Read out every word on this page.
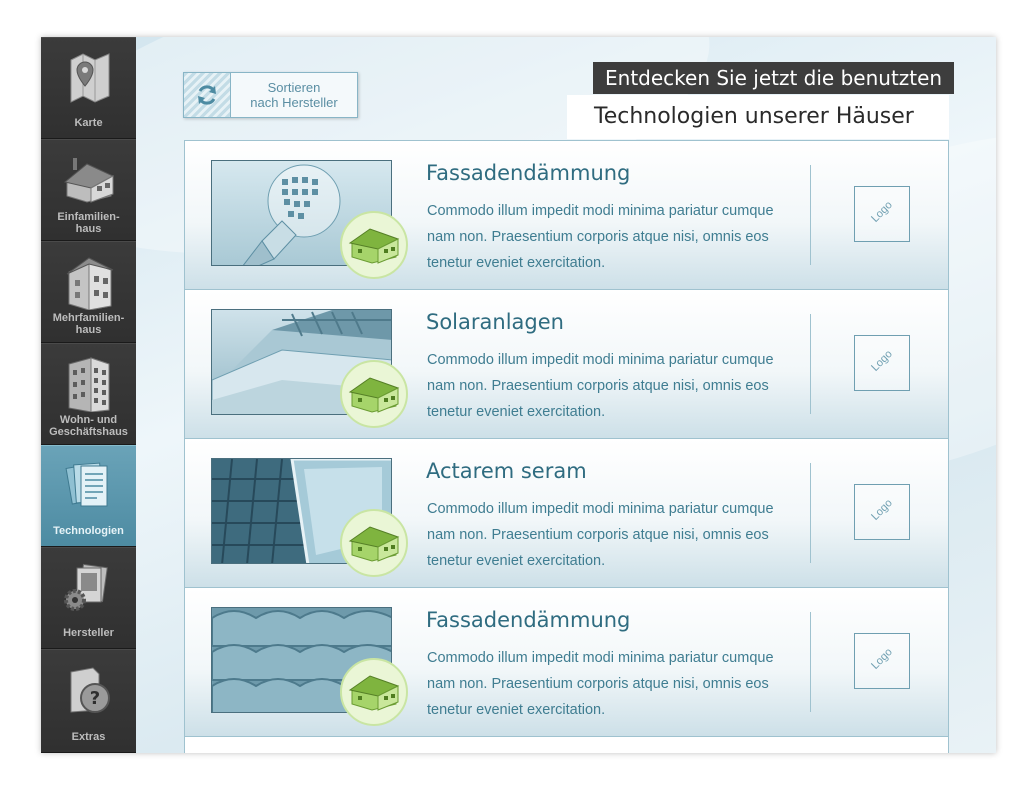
Karte
Einfamilien-
haus
Mehrfamilien-
haus
Wohn- und
Geschäftshaus
Technologien
Hersteller
?
Extras
Sortieren
nach Hersteller
Entdecken Sie jetzt die benutzten
Technologien unserer Häuser
Fassadendämmung
Commodo illum impedit modi minima pariatur cumque nam non. Praesentium corporis atque nisi, omnis eos tenetur eveniet exercitation.
Logo
Solaranlagen
Commodo illum impedit modi minima pariatur cumque nam non. Praesentium corporis atque nisi, omnis eos tenetur eveniet exercitation.
Logo
Actarem seram
Commodo illum impedit modi minima pariatur cumque nam non. Praesentium corporis atque nisi, omnis eos tenetur eveniet exercitation.
Logo
Fassadendämmung
Commodo illum impedit modi minima pariatur cumque nam non. Praesentium corporis atque nisi, omnis eos tenetur eveniet exercitation.
Logo
